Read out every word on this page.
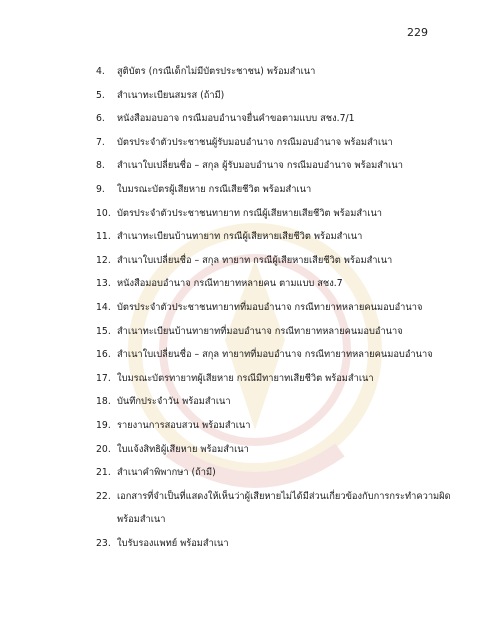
229
4.	สูติบัตร (กรณีเด็กไม่มีบัตรประชาชน) พร้อมสำเนา
5.	สำเนาทะเบียนสมรส (ถ้ามี)
6.	หนังสือมอบอาจ กรณีมอบอำนาจยื่นคำขอตามแบบ สชง.7/1
7.	บัตรประจำตัวประชาชนผู้รับมอบอำนาจ กรณีมอบอำนาจ พร้อมสำเนา
8.	สำเนาใบเปลี่ยนชื่อ – สกุล ผู้รับมอบอำนาจ กรณีมอบอำนาจ พร้อมสำเนา
9.	ใบมรณะบัตรผู้เสียหาย กรณีเสียชีวิต พร้อมสำเนา
10. บัตรประจำตัวประชาชนทายาท กรณีผู้เสียหายเสียชีวิต พร้อมสำเนา
11. สำเนาทะเบียนบ้านทายาท กรณีผู้เสียหายเสียชีวิต พร้อมสำเนา
12. สำเนาใบเปลี่ยนชื่อ – สกุล ทายาท กรณีผู้เสียหายเสียชีวิต พร้อมสำเนา
13. หนังสือมอบอำนาจ กรณีทายาทหลายคน ตามแบบ สชง.7
14. บัตรประจำตัวประชาชนทายาทที่มอบอำนาจ กรณีทายาทหลายคนมอบอำนาจ
15. สำเนาทะเบียนบ้านทายาทที่มอบอำนาจ กรณีทายาทหลายคนมอบอำนาจ
16. สำเนาใบเปลี่ยนชื่อ – สกุล ทายาทที่มอบอำนาจ กรณีทายาทหลายคนมอบอำนาจ
17. ใบมรณะบัตรทายาทผู้เสียหาย กรณีมีทายาทเสียชีวิต พร้อมสำเนา
18. บันทึกประจำวัน พร้อมสำเนา
19. รายงานการสอบสวน พร้อมสำเนา
20. ใบแจ้งสิทธิผู้เสียหาย พร้อมสำเนา
21. สำเนาคำพิพากษา (ถ้ามี)
22. เอกสารที่จำเป็นที่แสดงให้เห็นว่าผู้เสียหายไม่ได้มีส่วนเกี่ยวข้องกับการกระทำความผิด
พร้อมสำเนา
23. ใบรับรองแพทย์ พร้อมสำเนา
